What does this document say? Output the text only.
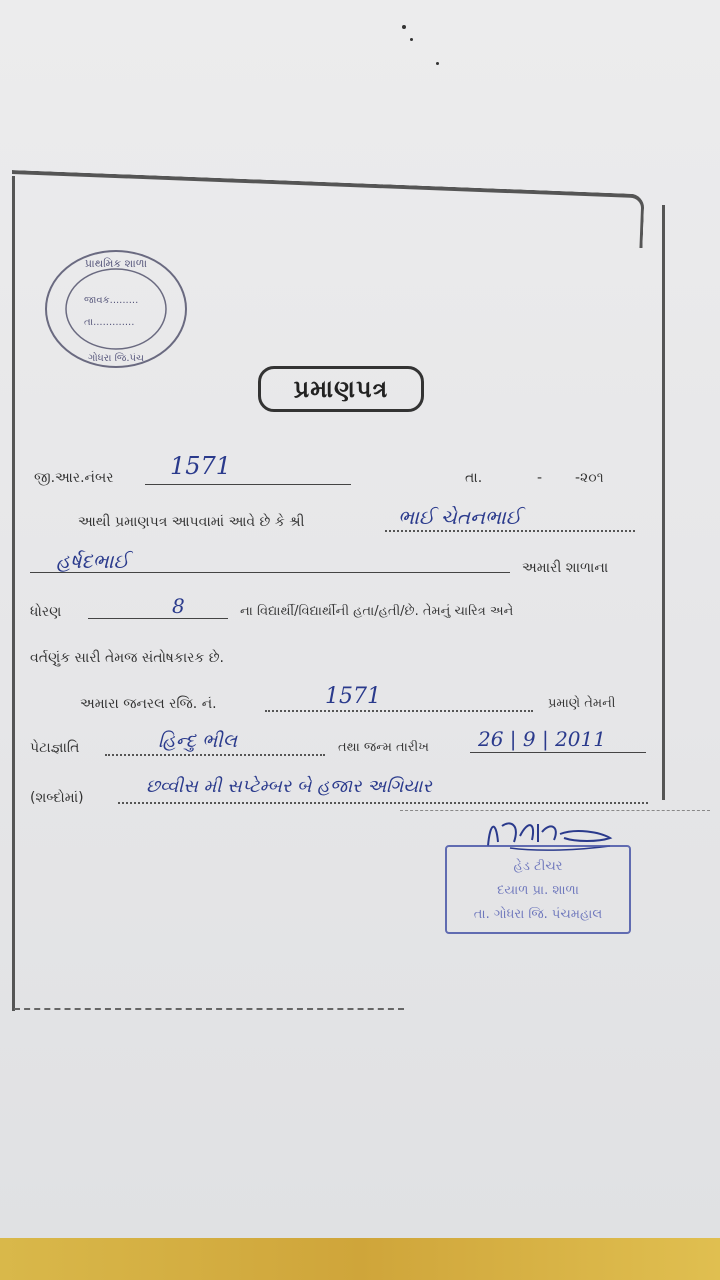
પ્રાથમિક શાળા
જાવક.........
તા.............
ગોધરા જિ.પંચ
પ્રમાણપત્ર
જી.આર.નંબર 1571	તા.	- -૨૦૧
આથી પ્રમાણપત્ર આપવામાં આવે છે કે શ્રી	ભાઈ ચેતનભાઈ
હર્ષદભાઈ	અમારી શાળાના
ધોરણ	8	ના વિદ્યાર્થી/વિદ્યાર્થીની હતા/હતી/છે. તેમનું ચારિત્ર અને
વર્તણુંક સારી તેમજ સંતોષકારક છે.
અમારા જનરલ રજિ. નં.	1571	પ્રમાણે તેમની
પેટાજ્ઞાતિ	હિન્દુ ભીલ	તથા જન્મ તારીખ 26 | 9 | 2011
(શબ્દોમાં)
છવ્વીસ મી સપ્ટેમ્બર બે હજાર અગિયાર
હેડ ટીચર
દયાળ પ્રા. શાળા
તા. ગોધરા જિ. પંચમહાલ
